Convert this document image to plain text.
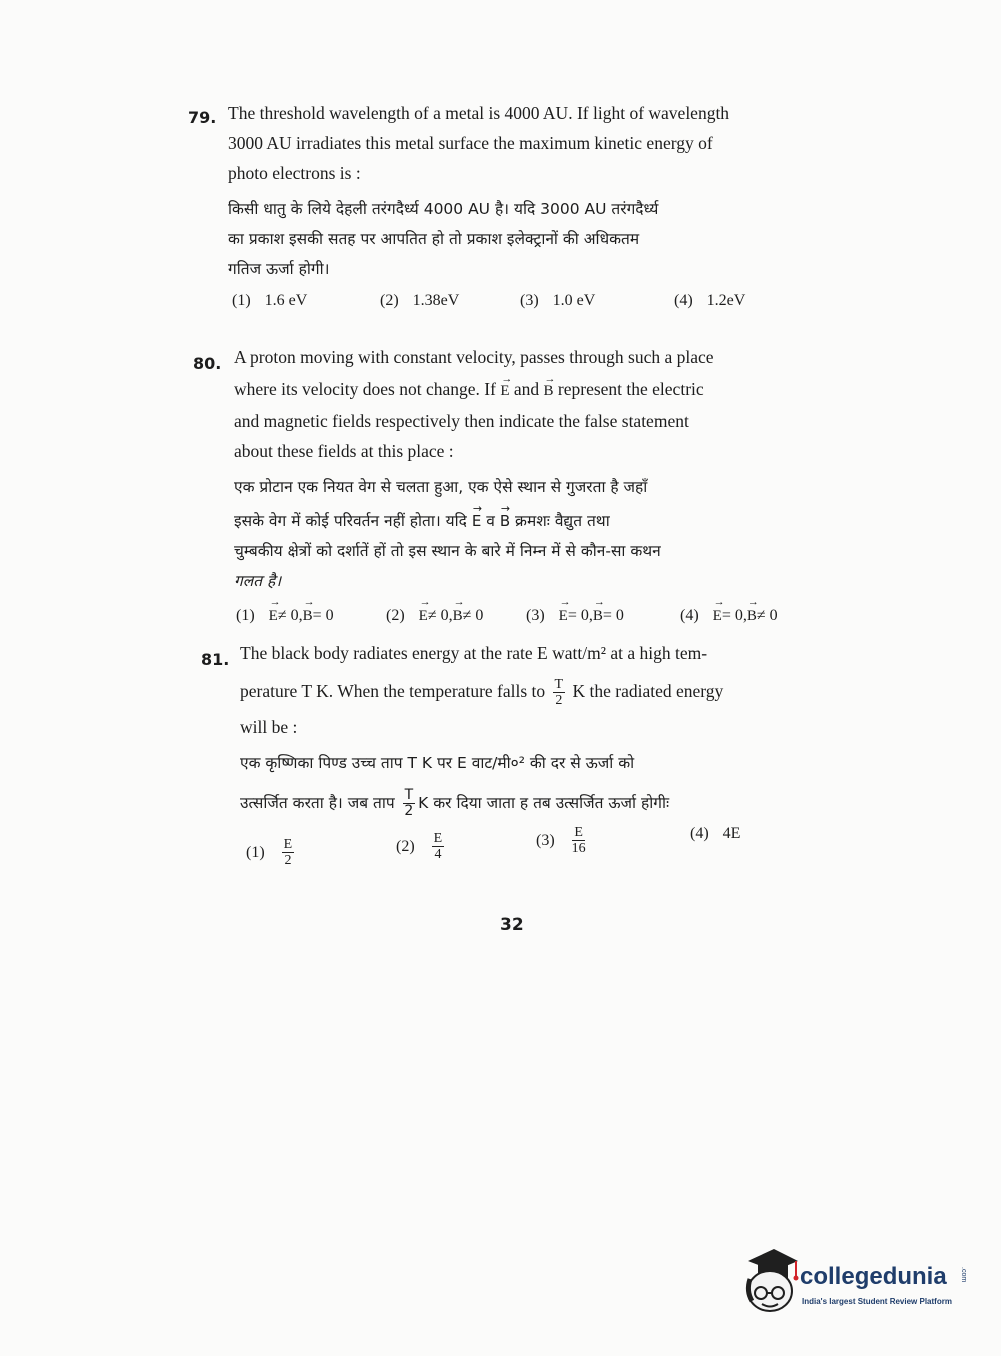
79. The threshold wavelength of a metal is 4000 AU. If light of wavelength
3000 AU irradiates this metal surface the maximum kinetic energy of
photo electrons is :
किसी धातु के लिये देहली तरंगदैर्ध्य 4000 AU है। यदि 3000 AU तरंगदैर्ध्य
का प्रकाश इसकी सतह पर आपतित हो तो प्रकाश इलेक्ट्रानों की अधिकतम
गतिज ऊर्जा होगी।
(1) 1.6 eV	(2) 1.38eV	(3) 1.0 eV	(4) 1.2eV
80. A proton moving with constant velocity, passes through such a place
where its velocity does not change. If → E and → B represent the electric
and magnetic fields respectively then indicate the false statement
about these fields at this place :
एक प्रोटान एक नियत वेग से चलता हुआ, एक ऐसे स्थान से गुजरता है जहाँ
इसके वेग में कोई परिवर्तन नहीं होता। यदि → E व → B क्रमशः वैद्युत तथा
चुम्बकीय क्षेत्रों को दर्शातें हों तो इस स्थान के बारे में निम्न में से कौन-सा कथन
गलत है।
(1) → E≠ 0,→ B= 0	(2) → E≠ 0,→ B≠ 0	(3) → E= 0,→ B= 0	(4) → E= 0,→ B≠ 0
81. The black body radiates energy at the rate E watt/m² at a high tem-
perature T K. When the temperature falls to $\frac{T}{2}$ K the radiated energy
will be :
एक कृष्णिका पिण्ड उच्च ताप T K पर E वाट/मी०² की दर से ऊर्जा को
उत्सर्जित करता है। जब ताप $\frac{T}{2}$ K कर दिया जाता ह तब उत्सर्जित ऊर्जा होगीः
$(1) \frac{E}{2}$	$(2) \frac{E}{4}$	$(3) \frac{E}{16}$	(4) 4E
32
collegedunia .com
India's largest Student Review Platform
